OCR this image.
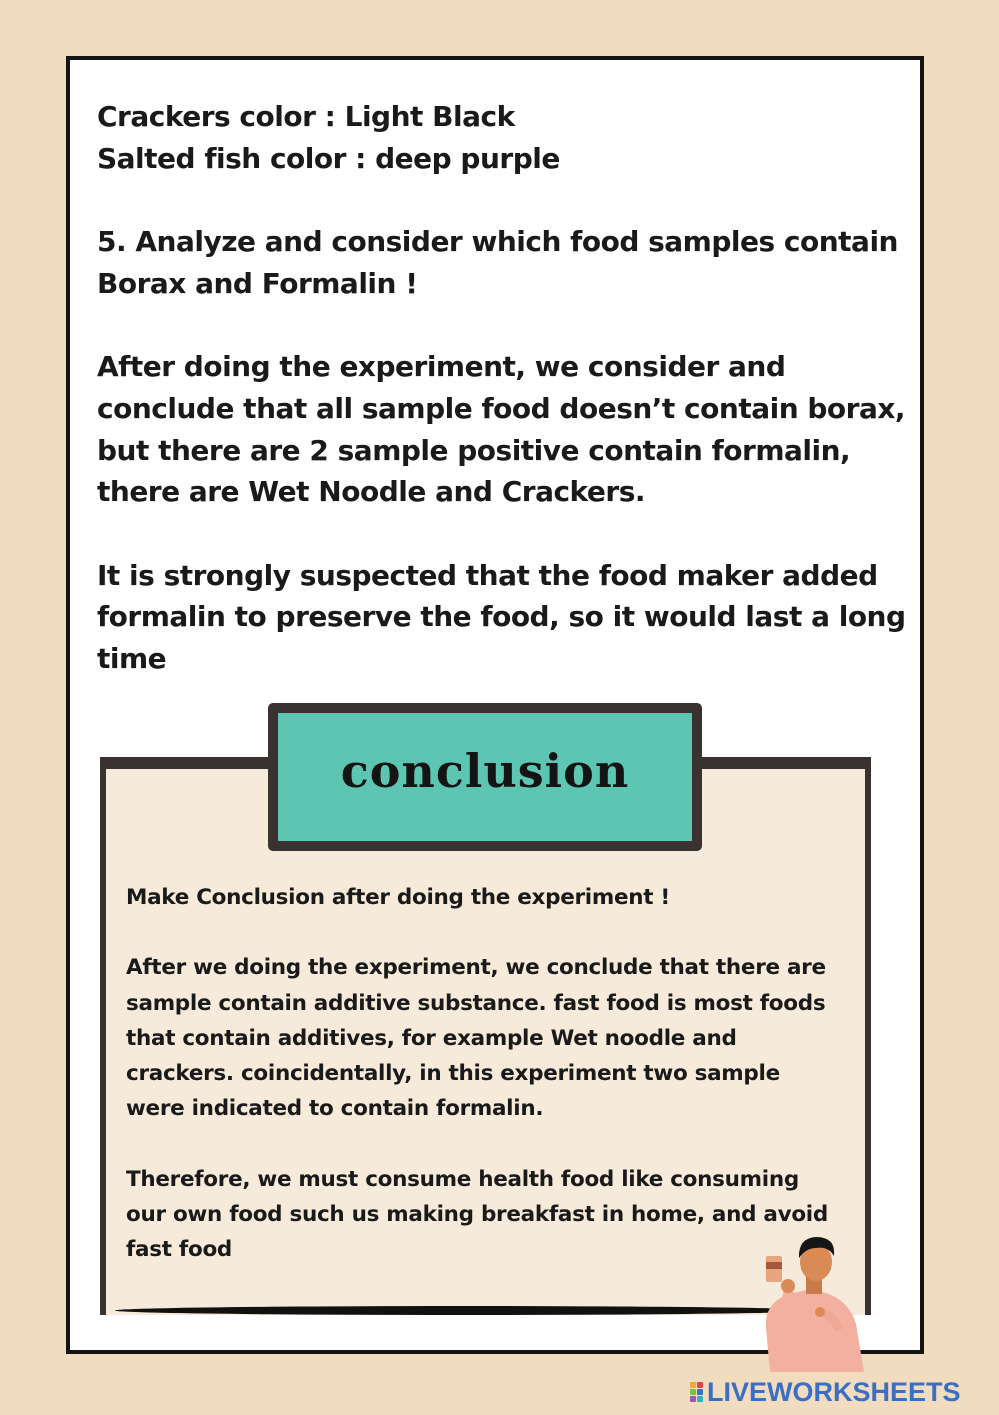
Crackers color : Light Black

Salted fish color : deep purple

5. Analyze and consider which food samples contain

Borax and Formalin !

After doing the experiment, we consider and

conclude that all sample food doesn’t contain borax,

but there are 2 sample positive contain formalin,

there are Wet Noodle and Crackers.

It is strongly suspected that the food maker added

formalin to preserve the food, so it would last a long

time

conclusion

Make Conclusion after doing the experiment !

After we doing the experiment, we conclude that there are

sample contain additive substance. fast food is most foods

that contain additives, for example Wet noodle and

crackers. coincidentally, in this experiment two sample

were indicated to contain formalin.

Therefore, we must consume health food like consuming

our own food such us making breakfast in home, and avoid

fast food

LIVEWORKSHEETS
